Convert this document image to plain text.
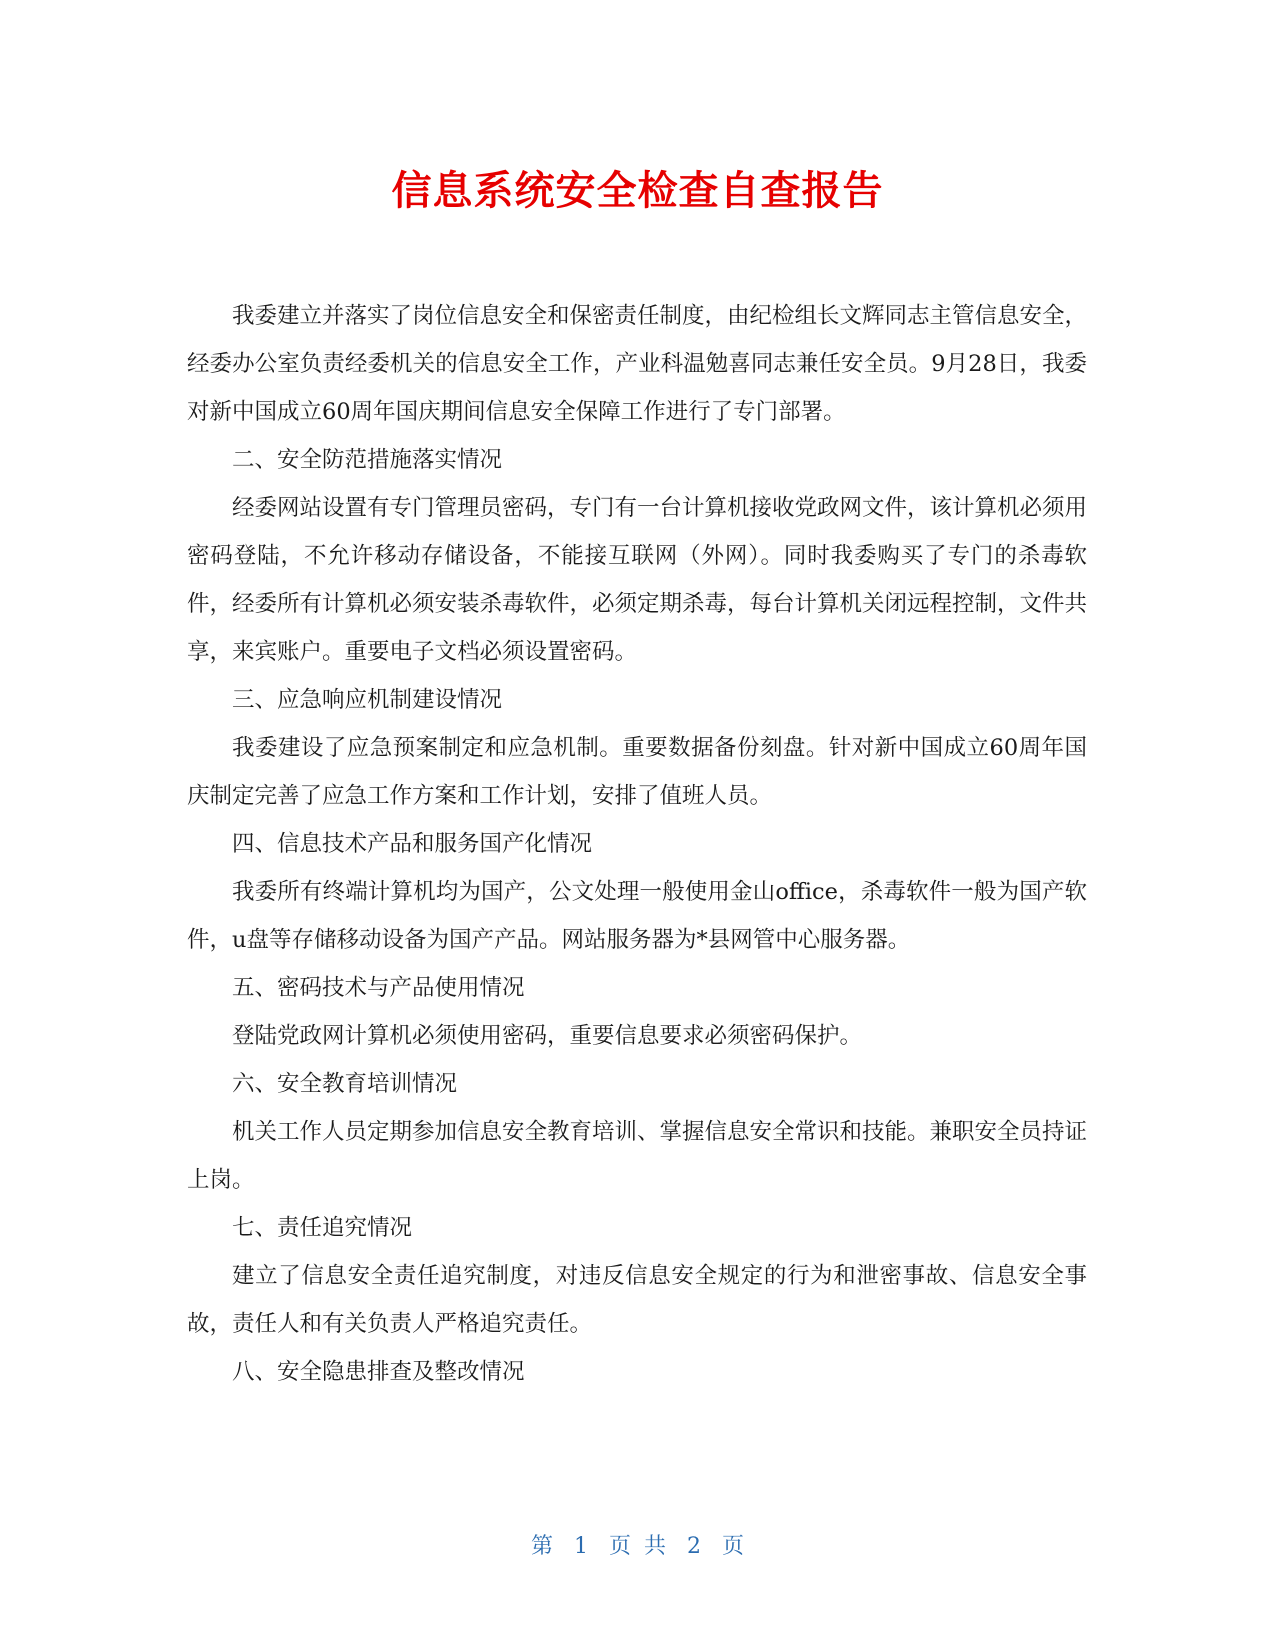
信息系统安全检查自查报告

我委建立并落实了岗位信息安全和保密责任制度，由纪检组长文辉同志主管信息安全，经委办公室负责经委机关的信息安全工作，产业科温勉喜同志兼任安全员。9月28日，我委对新中国成立60周年国庆期间信息安全保障工作进行了专门部署。

二、安全防范措施落实情况

经委网站设置有专门管理员密码，专门有一台计算机接收党政网文件，该计算机必须用密码登陆，不允许移动存储设备，不能接互联网（外网）。同时我委购买了专门的杀毒软件，经委所有计算机必须安装杀毒软件，必须定期杀毒，每台计算机关闭远程控制，文件共享，来宾账户。重要电子文档必须设置密码。

三、应急响应机制建设情况

我委建设了应急预案制定和应急机制。重要数据备份刻盘。针对新中国成立60周年国庆制定完善了应急工作方案和工作计划，安排了值班人员。

四、信息技术产品和服务国产化情况

我委所有终端计算机均为国产，公文处理一般使用金山office，杀毒软件一般为国产软件，u盘等存储移动设备为国产产品。网站服务器为*县网管中心服务器。

五、密码技术与产品使用情况

登陆党政网计算机必须使用密码，重要信息要求必须密码保护。

六、安全教育培训情况

机关工作人员定期参加信息安全教育培训、掌握信息安全常识和技能。兼职安全员持证上岗。

七、责任追究情况

建立了信息安全责任追究制度，对违反信息安全规定的行为和泄密事故、信息安全事故，责任人和有关负责人严格追究责任。

八、安全隐患排查及整改情况

第 1 页 共 2 页
